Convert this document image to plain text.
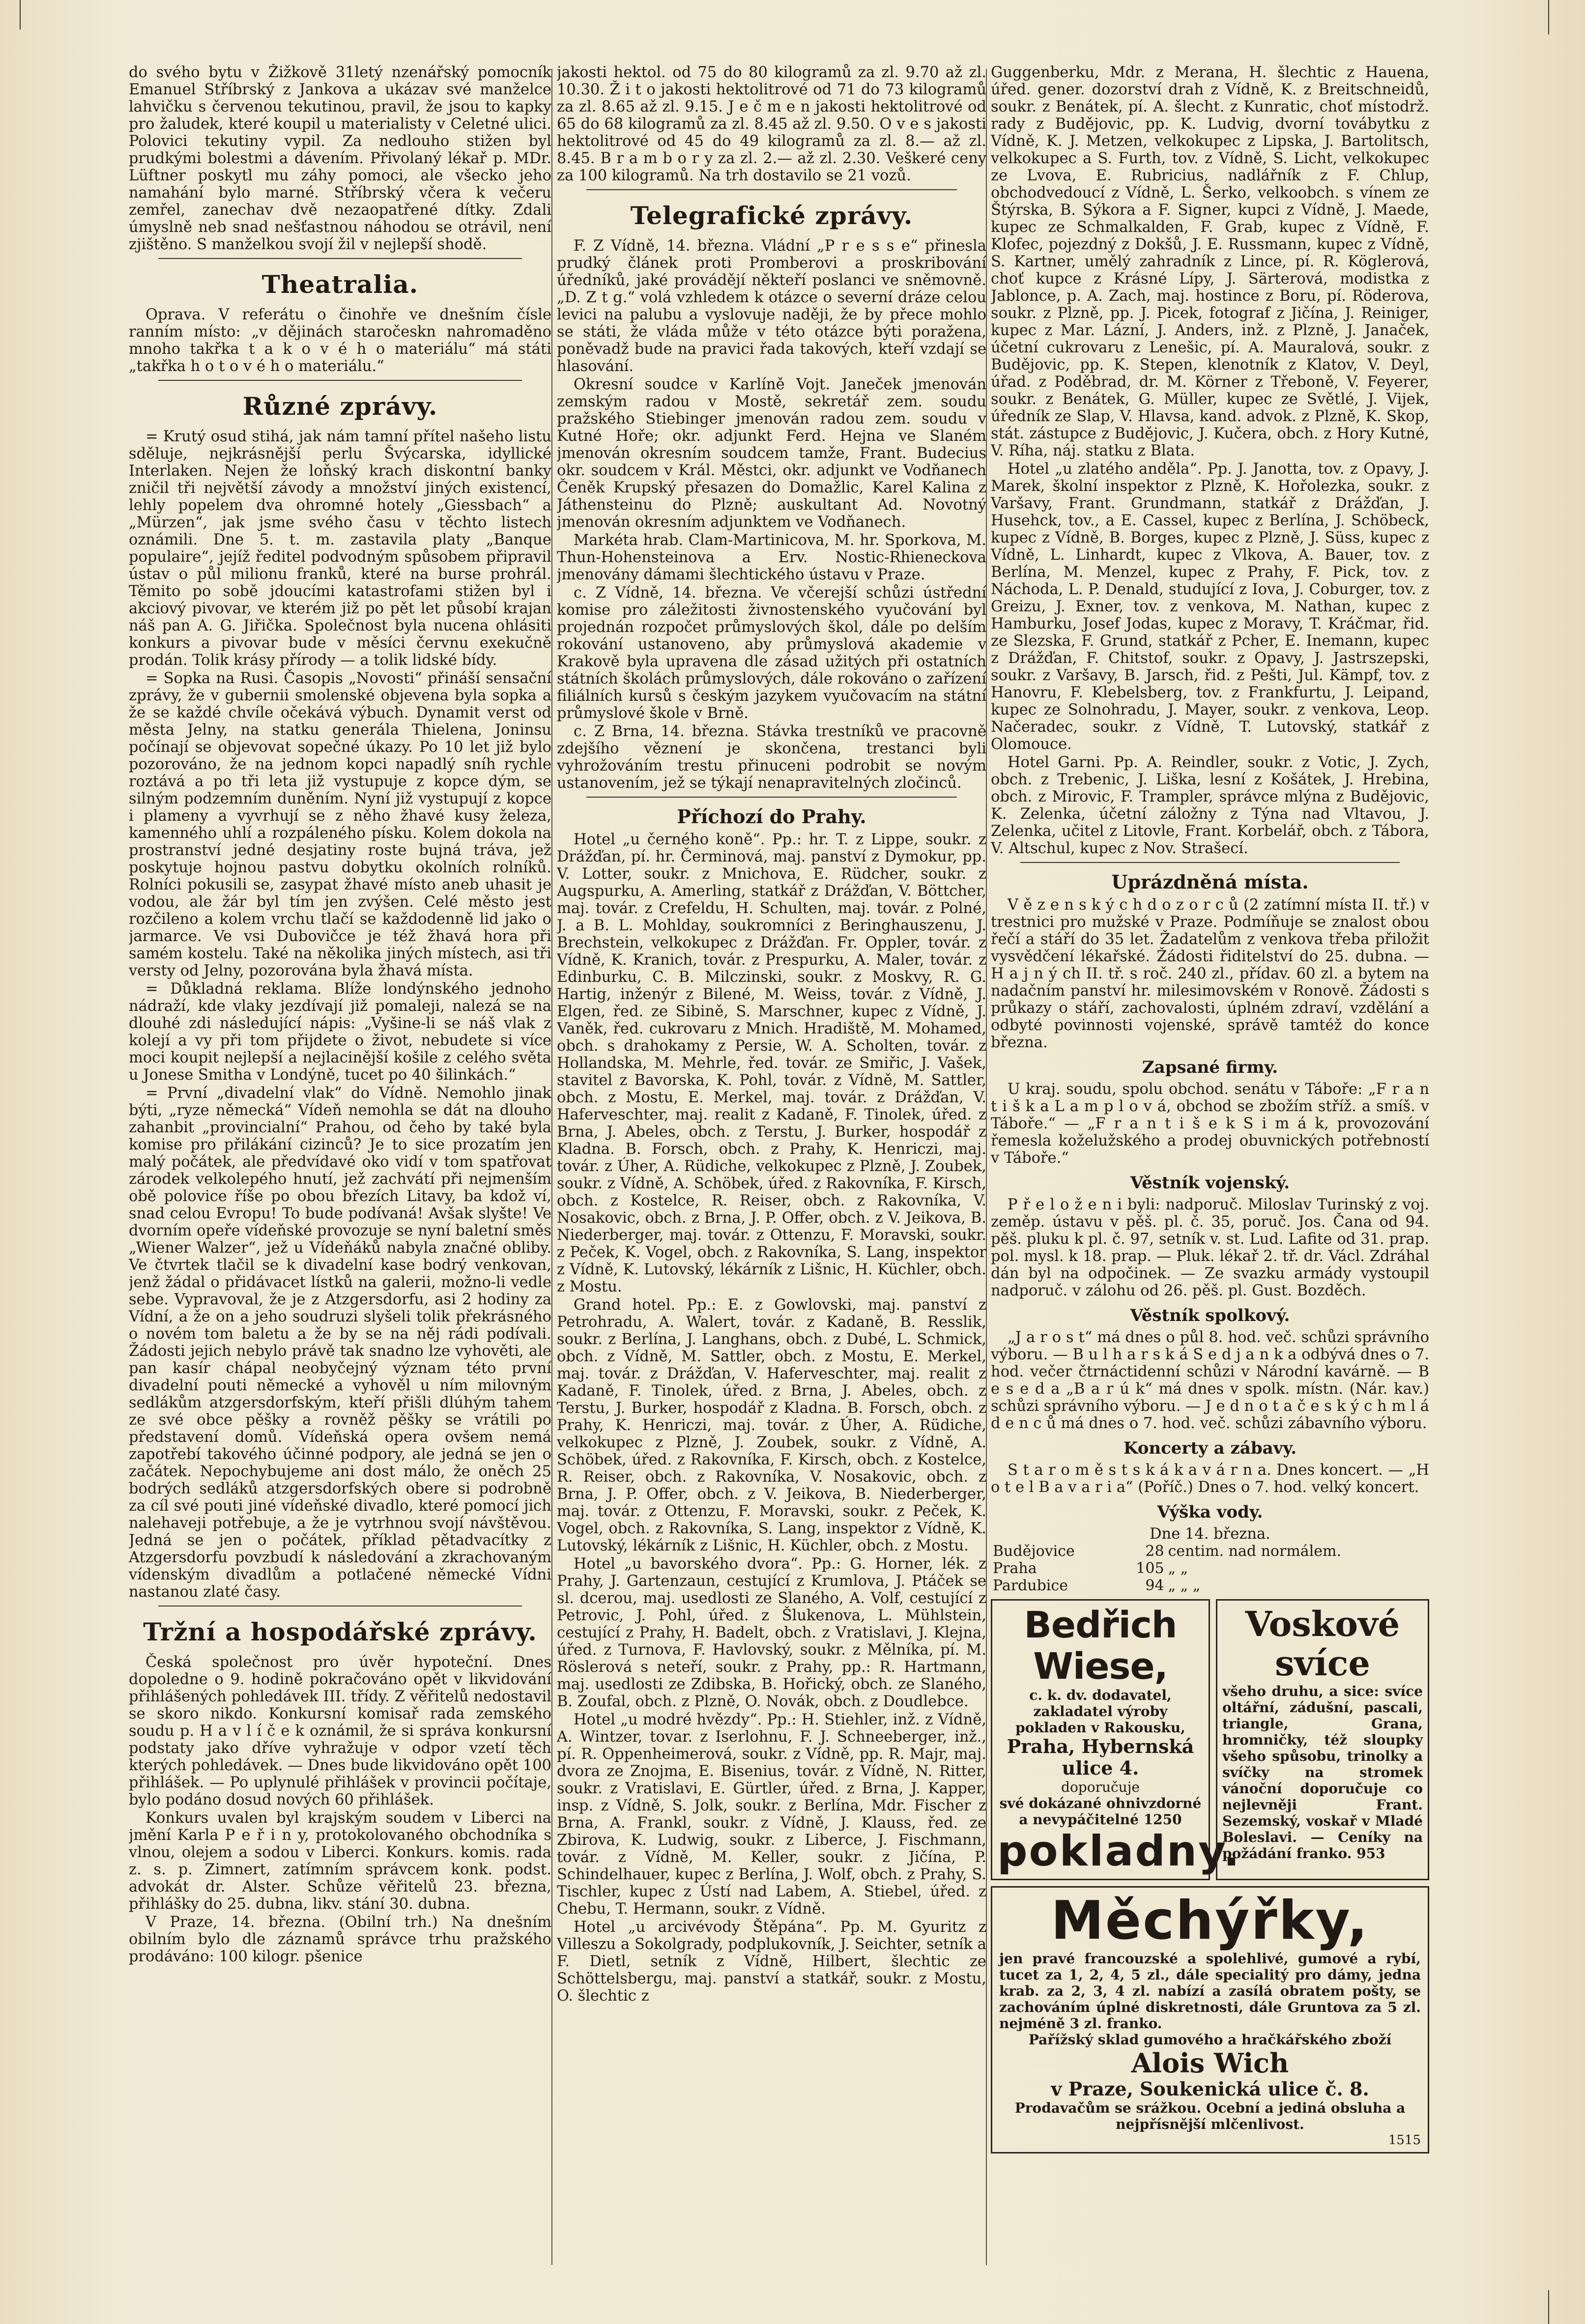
do svého bytu v Žižkově 31letý nzenářský pomocník Emanuel Stříbrský z Jankova a ukázav své manželce lahvičku s červenou tekutinou, pravil, že jsou to kapky pro žaludek, které koupil u materialisty v Celetné ulici. Polovici tekutiny vypil. Za nedlouho stižen byl prudkými bolestmi a dávením. Přivolaný lékař p. MDr. Lüftner poskytl mu záhy pomoci, ale všecko jeho namahání bylo marné. Stříbrský včera k večeru zemřel, zanechav dvě nezaopatřené dítky. Zdali úmyslně neb snad nešťastnou náhodou se otrávil, není zjištěno. S manželkou svojí žil v nejlepší shodě.

Theatralia.

Oprava. V referátu o činohře ve dnešním čísle ranním místo: „v dějinách staročeskn nahromaděno mnoho takřka t a k o v é h o materiálu“ má státi „takřka h o t o v é h o materiálu.“

Různé zprávy.

= Krutý osud stihá, jak nám tamní přítel našeho listu sděluje, nejkrásnější perlu Švýcarska, idyllické Interlaken. Nejen že loňský krach diskontní banky zničil tři největší závody a množství jiných existencí, lehly popelem dva ohromné hotely „Giessbach“ a „Mürzen“, jak jsme svého času v těchto listech oznámili. Dne 5. t. m. zastavila platy „Banque populaire“, jejíž ředitel podvodným spůsobem připravil ústav o půl milionu franků, které na burse prohrál. Těmito po sobě jdoucími katastrofami stižen byl i akciový pivovar, ve kterém již po pět let působí krajan náš pan A. G. Jiřička. Společnost byla nucena ohlásiti konkurs a pivovar bude v měsíci červnu exekučně prodán. Tolik krásy přírody — a tolik lidské bídy.

= Sopka na Rusi. Časopis „Novosti“ přináší sensační zprávy, že v gubernii smolenské objevena byla sopka a že se každé chvíle očekává výbuch. Dynamit verst od města Jelny, na statku generála Thielena, Joninsu počínají se objevovat sopečné úkazy. Po 10 let již bylo pozorováno, že na jednom kopci napadlý sníh rychle roztává a po tři leta již vystupuje z kopce dým, se silným podzemním duněním. Nyní již vystupují z kopce i plameny a vyvrhují se z něho žhavé kusy železa, kamenného uhlí a rozpáleného písku. Kolem dokola na prostranství jedné desjatiny roste bujná tráva, jež poskytuje hojnou pastvu dobytku okolních rolníků. Rolníci pokusili se, zasypat žhavé místo aneb uhasit je vodou, ale žár byl tím jen zvýšen. Celé město jest rozčileno a kolem vrchu tlačí se každodenně lid jako o jarmarce. Ve vsi Dubovičce je též žhavá hora při samém kostelu. Také na několika jiných místech, asi tři versty od Jelny, pozorována byla žhavá místa.

= Důkladná reklama. Blíže londýnského jednoho nádraží, kde vlaky jezdívají již pomaleji, nalezá se na dlouhé zdi následující nápis: „Vyšine-li se náš vlak z kolejí a vy při tom přijdete o život, nebudete si více moci koupit nejlepší a nejlacinější košile z celého světa u Jonese Smitha v Londýně, tucet po 40 šilinkách.“

= První „divadelní vlak“ do Vídně. Nemohlo jinak býti, „ryze německá“ Vídeň nemohla se dát na dlouho zahanbit „provincialní“ Prahou, od čeho by také byla komise pro přilákání cizinců? Je to sice prozatím jen malý počátek, ale předvídavé oko vidí v tom spatřovat zárodek velkolepého hnutí, jež zachvátí při nejmenším obě polovice říše po obou březích Litavy, ba kdož ví, snad celou Evropu! To bude podívaná! Avšak slyšte! Ve dvorním opeře vídeňské provozuje se nyní baletní směs „Wiener Walzer“, jež u Vídeňáků nabyla značné obliby. Ve čtvrtek tlačil se k divadelní kase bodrý venkovan, jenž žádal o přidávacet lístků na galerii, možno-li vedle sebe. Vypravoval, že je z Atzgersdorfu, asi 2 hodiny za Vídní, a že on a jeho soudruzi slyšeli tolik překrásného o novém tom baletu a že by se na něj rádi podívali. Žádosti jejich nebylo právě tak snadno lze vyhověti, ale pan kasír chápal neobyčejný význam této první divadelní pouti německé a vyhověl u ním milovným sedlákům atzgersdorfským, kteří přišli dlúhým tahem ze své obce pěšky a rovněž pěšky se vrátili po představení domů. Vídeňská opera ovšem nemá zapotřebí takového účinné podpory, ale jedná se jen o začátek. Nepochybujeme ani dost málo, že oněch 25 bodrých sedláků atzgersdorfských obere si podrobně za cíl své pouti jiné vídeňské divadlo, které pomocí jich nalehaveji potřebuje, a že je vytrhnou svojí návštěvou. Jedná se jen o počátek, příklad pětadvacítky z Atzgersdorfu povzbudí k následování a zkrachovaným vídenským divadlům a potlačené německé Vídni nastanou zlaté časy.

Tržní a hospodářské zprávy.

Česká společnost pro úvěr hypoteční. Dnes dopoledne o 9. hodině pokračováno opět v likvidování přihlášených pohledávek III. třídy. Z věřitelů nedostavil se skoro nikdo. Konkursní komisař rada zemského soudu p. H a v l í č e k oznámil, že si správa konkursní podstaty jako dříve vyhražuje v odpor vzetí těch kterých pohledávek. — Dnes bude likvidováno opět 100 přihlášek. — Po uplynulé přihlášek v provincii počítaje, bylo podáno dosud nových 60 přihlášek.

Konkurs uvalen byl krajským soudem v Liberci na jmění Karla P e ř i n y, protokolovaného obchodníka s vlnou, olejem a sodou v Liberci. Konkurs. komis. rada z. s. p. Zimnert, zatímním správcem konk. podst. advokát dr. Alster. Schůze věřitelů 23. března, přihlášky do 25. dubna, likv. stání 30. dubna.

V Praze, 14. března. (Obilní trh.) Na dnešním obilním bylo dle záznamů správce trhu pražského prodáváno: 100 kilogr. pšenice

jakosti hektol. od 75 do 80 kilogramů za zl. 9.70 až zl. 10.30. Ž i t o jakosti hektolitrové od 71 do 73 kilogramů za zl. 8.65 až zl. 9.15. J e č m e n jakosti hektolitrové od 65 do 68 kilogramů za zl. 8.45 až zl. 9.50. O v e s jakosti hektolitrové od 45 do 49 kilogramů za zl. 8.— až zl. 8.45. B r a m b o r y za zl. 2.— až zl. 2.30. Veškeré ceny za 100 kilogramů. Na trh dostavilo se 21 vozů.

Telegrafické zprávy.

F. Z Vídně, 14. března. Vládní „P r e s s e“ přinesla prudký článek proti Promberovi a proskribování úředníků, jaké provádějí někteří poslanci ve sněmovně. „D. Z t g.“ volá vzhledem k otázce o severní dráze celou levici na palubu a vyslovuje naději, že by přece mohlo se státi, že vláda může v této otázce býti poražena, poněvadž bude na pravici řada takových, kteří vzdají se hlasování.

Okresní soudce v Karlíně Vojt. Janeček jmenován zemským radou v Mostě, sekretář zem. soudu pražského Stiebinger jmenován radou zem. soudu v Kutné Hoře; okr. adjunkt Ferd. Hejna ve Slaném jmenován okresním soudcem tamže, Frant. Budecius okr. soudcem v Král. Městci, okr. adjunkt ve Vodňanech Čeněk Krupský přesazen do Domažlic, Karel Kalina z Játhensteinu do Plzně; auskultant Ad. Novotný jmenován okresním adjunktem ve Vodňanech.

Markéta hrab. Clam-Martinicova, M. hr. Sporkova, M. Thun-Hohensteinova a Erv. Nostic-Rhieneckova jmenovány dámami šlechtického ústavu v Praze.

c. Z Vídně, 14. března. Ve včerejší schůzi ústřední komise pro záležitosti živnostenského vyučování byl projednán rozpočet průmyslových škol, dále po delším rokování ustanoveno, aby průmyslová akademie v Krakově byla upravena dle zásad užitých při ostatních státních školách průmyslových, dále rokováno o zařízení filiálních kursů s českým jazykem vyučovacím na státní průmyslové škole v Brně.

c. Z Brna, 14. března. Stávka trestníků ve pracovně zdejšího věznení je skončena, trestanci byli vyhrožováním trestu přinuceni podrobit se novým ustanovením, jež se týkají nenapravitelných zločinců.

Příchozí do Prahy.

Hotel „u černého koně“. Pp.: hr. T. z Lippe, soukr. z Drážďan, pí. hr. Čerminová, maj. panství z Dymokur, pp. V. Lotter, soukr. z Mnichova, E. Rüdcher, soukr. z Augspurku, A. Amerling, statkář z Drážďan, V. Böttcher, maj. továr. z Crefeldu, H. Schulten, maj. továr. z Polné, J. a B. L. Mohlday, soukromníci z Beringhauszenu, J. Brechstein, velkokupec z Drážďan. Fr. Oppler, továr. z Vídně, K. Kranich, továr. z Prespurku, A. Maler, továr. z Edinburku, C. B. Milczinski, soukr. z Moskvy, R. G. Hartig, inženýr z Bilené, M. Weiss, továr. z Vídně, J. Elgen, řed. ze Sibině, S. Marschner, kupec z Vídně, J. Vaněk, řed. cukrovaru z Mnich. Hradiště, M. Mohamed, obch. s drahokamy z Persie, W. A. Scholten, továr. z Hollandska, M. Mehrle, řed. továr. ze Smiřic, J. Vašek, stavitel z Bavorska, K. Pohl, továr. z Vídně, M. Sattler, obch. z Mostu, E. Merkel, maj. továr. z Drážďan, V. Haferveschter, maj. realit z Kadaně, F. Tinolek, úřed. z Brna, J. Abeles, obch. z Terstu, J. Burker, hospodář z Kladna. B. Forsch, obch. z Prahy, K. Henriczi, maj. továr. z Úher, A. Rüdiche, velkokupec z Plzně, J. Zoubek, soukr. z Vídně, A. Schöbek, úřed. z Rakovníka, F. Kirsch, obch. z Kostelce, R. Reiser, obch. z Rakovníka, V. Nosakovic, obch. z Brna, J. P. Offer, obch. z V. Jeikova, B. Niederberger, maj. továr. z Ottenzu, F. Moravski, soukr. z Peček, K. Vogel, obch. z Rakovníka, S. Lang, inspektor z Vídně, K. Lutovský, lékárník z Lišnic, H. Küchler, obch. z Mostu.

Grand hotel. Pp.: E. z Gowlovski, maj. panství z Petrohradu, A. Walert, továr. z Kadaně, B. Resslik, soukr. z Berlína, J. Langhans, obch. z Dubé, L. Schmick, obch. z Vídně, M. Sattler, obch. z Mostu, E. Merkel, maj. továr. z Drážďan, V. Haferveschter, maj. realit z Kadaně, F. Tinolek, úřed. z Brna, J. Abeles, obch. z Terstu, J. Burker, hospodář z Kladna. B. Forsch, obch. z Prahy, K. Henriczi, maj. továr. z Úher, A. Rüdiche, velkokupec z Plzně, J. Zoubek, soukr. z Vídně, A. Schöbek, úřed. z Rakovníka, F. Kirsch, obch. z Kostelce, R. Reiser, obch. z Rakovníka, V. Nosakovic, obch. z Brna, J. P. Offer, obch. z V. Jeikova, B. Niederberger, maj. továr. z Ottenzu, F. Moravski, soukr. z Peček, K. Vogel, obch. z Rakovníka, S. Lang, inspektor z Vídně, K. Lutovský, lékárník z Lišnic, H. Küchler, obch. z Mostu.

Hotel „u bavorského dvora“. Pp.: G. Horner, lék. z Prahy, J. Gartenzaun, cestující z Krumlova, J. Ptáček se sl. dcerou, maj. usedlosti ze Slaného, A. Volf, cestující z Petrovic, J. Pohl, úřed. z Šlukenova, L. Mühlstein, cestující z Prahy, H. Badelt, obch. z Vratislavi, J. Klejna, úřed. z Turnova, F. Havlovský, soukr. z Mělníka, pí. M. Röslerová s neteří, soukr. z Prahy, pp.: R. Hartmann, maj. usedlosti ze Zdibska, B. Hořický, obch. ze Slaného, B. Zoufal, obch. z Plzně, O. Novák, obch. z Doudlebce.

Hotel „u modré hvězdy“. Pp.: H. Stiehler, inž. z Vídně, A. Wintzer, tovar. z Iserlohnu, F. J. Schneeberger, inž., pí. R. Oppenheimerová, soukr. z Vídně, pp. R. Majr, maj. dvora ze Znojma, E. Bisenius, továr. z Vídně, N. Ritter, soukr. z Vratislavi, E. Gürtler, úřed. z Brna, J. Kapper, insp. z Vídně, S. Jolk, soukr. z Berlína, Mdr. Fischer z Brna, A. Frankl, soukr. z Vídně, J. Klauss, řed. ze Zbirova, K. Ludwig, soukr. z Liberce, J. Fischmann, továr. z Vídně, M. Keller, soukr. z Jičína, P. Schindelhauer, kupec z Berlína, J. Wolf, obch. z Prahy, S. Tischler, kupec z Ústí nad Labem, A. Stiebel, úřed. z Chebu, T. Hermann, soukr. z Vídně.

Hotel „u arcivévody Štěpána“. Pp. M. Gyuritz z Villeszu a Sokolgrady, podplukovník, J. Seichter, setník a F. Dietl, setník z Vídně, Hilbert, šlechtic ze Schöttelsbergu, maj. panství a statkář, soukr. z Mostu, O. šlechtic z

Guggenberku, Mdr. z Merana, H. šlechtic z Hauena, úřed. gener. dozorství drah z Vídně, K. z Breitschneidů, soukr. z Benátek, pí. A. šlecht. z Kunratic, choť místodrž. rady z Budějovic, pp. K. Ludvig, dvorní továbytku z Vídně, K. J. Metzen, velkokupec z Lipska, J. Bartolitsch, velkokupec a S. Furth, tov. z Vídně, S. Licht, velkokupec ze Lvova, E. Rubricius, nadlářník z F. Chlup, obchodvedoucí z Vídně, L. Šerko, velkoobch. s vínem ze Štýrska, B. Sýkora a F. Signer, kupci z Vídně, J. Maede, kupec ze Schmalkalden, F. Grab, kupec z Vídně, F. Klofec, pojezdný z Dokšů, J. E. Russmann, kupec z Vídně, S. Kartner, umělý zahradník z Lince, pí. R. Köglerová, choť kupce z Krásné Lípy, J. Särterová, modistka z Jablonce, p. A. Zach, maj. hostince z Boru, pí. Röderova, soukr. z Plzně, pp. J. Picek, fotograf z Jičína, J. Reiniger, kupec z Mar. Lázní, J. Anders, inž. z Plzně, J. Janaček, účetní cukrovaru z Lenešic, pí. A. Mauralová, soukr. z Budějovic, pp. K. Stepen, klenotník z Klatov, V. Deyl, úřad. z Poděbrad, dr. M. Körner z Třeboně, V. Feyerer, soukr. z Benátek, G. Müller, kupec ze Světlé, J. Vijek, úředník ze Slap, V. Hlavsa, kand. advok. z Plzně, K. Skop, stát. zástupce z Budějovic, J. Kučera, obch. z Hory Kutné, V. Ríha, náj. statku z Blata.

Hotel „u zlatého anděla“. Pp. J. Janotta, tov. z Opavy, J. Marek, školní inspektor z Plzně, K. Hořolezka, soukr. z Varšavy, Frant. Grundmann, statkář z Drážďan, J. Husehck, tov., a E. Cassel, kupec z Berlína, J. Schöbeck, kupec z Vídně, B. Borges, kupec z Plzně, J. Süss, kupec z Vídně, L. Linhardt, kupec z Vlkova, A. Bauer, tov. z Berlína, M. Menzel, kupec z Prahy, F. Pick, tov. z Náchoda, L. P. Denald, studující z Iova, J. Coburger, tov. z Greizu, J. Exner, tov. z venkova, M. Nathan, kupec z Hamburku, Josef Jodas, kupec z Moravy, T. Kráčmar, řid. ze Slezska, F. Grund, statkář z Pcher, E. Inemann, kupec z Drážďan, F. Chitstof, soukr. z Opavy, J. Jastrszepski, soukr. z Varšavy, B. Jarsch, řid. z Pešti, Jul. Kämpf, tov. z Hanovru, F. Klebelsberg, tov. z Frankfurtu, J. Leipand, kupec ze Solnohradu, J. Mayer, soukr. z venkova, Leop. Načeradec, soukr. z Vídně, T. Lutovský, statkář z Olomouce.

Hotel Garni. Pp. A. Reindler, soukr. z Votic, J. Zych, obch. z Trebenic, J. Liška, lesní z Košátek, J. Hrebina, obch. z Mirovic, F. Trampler, správce mlýna z Budějovic, K. Zelenka, účetní záložny z Týna nad Vltavou, J. Zelenka, učitel z Litovle, Frant. Korbelář, obch. z Tábora, V. Altschul, kupec z Nov. Strašecí.

Uprázdněná místa.

V ě z e n s k ý c h d o z o r c ů (2 zatímní místa II. tř.) v trestnici pro mužské v Praze. Podmíňuje se znalost obou řečí a stáří do 35 let. Žadatelům z venkova třeba přiložit vysvědčení lékařské. Žádosti řiditelství do 25. dubna. — H a j n ý ch II. tř. s roč. 240 zl., přídav. 60 zl. a bytem na nadačním panství hr. milesimovském v Ronově. Žádosti s průkazy o stáří, zachovalosti, úplném zdraví, vzdělání a odbyté povinnosti vojenské, správě tamtéž do konce března.

Zapsané firmy.

U kraj. soudu, spolu obchod. senátu v Táboře: „F r a n t i š k a L a m p l o v á, obchod se zbožím stříž. a smíš. v Táboře.“ — „F r a n t i š e k S i m á k, provozování řemesla koželužského a prodej obuvnických potřebností v Táboře.“

Věstník vojenský.

P ř e l o ž e n i byli: nadporuč. Miloslav Turinský z voj. zeměp. ústavu v pěš. pl. č. 35, poruč. Jos. Čana od 94. pěš. pluku k pl. č. 97, setník v. st. Lud. Lafite od 31. prap. pol. mysl. k 18. prap. — Pluk. lékař 2. tř. dr. Václ. Zdráhal dán byl na odpočinek. — Ze svazku armády vystoupil nadporuč. v zálohu od 26. pěš. pl. Gust. Bozděch.

Věstník spolkový.

„J a r o s t“ má dnes o půl 8. hod. več. schůzi správního výboru. — B u l h a r s k á S e d j a n k a odbývá dnes o 7. hod. večer čtrnáctidenní schůzi v Národní kavárně. — B e s e d a „B a r ú k“ má dnes v spolk. místn. (Nár. kav.) schůzi správního výboru. — J e d n o t a č e s k ý c h m l á d e n c ů má dnes o 7. hod. več. schůzi zábavního výboru.

Koncerty a zábavy.

S t a r o m ě s t s k á k a v á r n a. Dnes koncert. — „H o t e l B a v a r i a“ (Poříč.) Dnes o 7. hod. velký koncert.

Výška vody.
Dne 14. března.
Budějovice	28	centim. nad normálem.
Praha	105	„ „
Pardubice	94	„ „ „
Bedřich Wiese,
c. k. dv. dodavatel,
zakladatel výroby pokladen v Rakousku,
Praha, Hybernská ulice 4.
doporučuje
své dokázané ohnivzdorné a nevypáčitelné 1250
pokladny.
Voskové svíce
všeho druhu, a sice: svíce oltářní, zádušní, pascali, triangle, Grana, hromničky, též sloupky všeho spůsobu, trinolky a svíčky na stromek vánoční doporučuje co nejlevněji Frant. Sezemský, voskař v Mladé Boleslavi. — Ceníky na požádání franko. 953
Měchýřky,
jen pravé francouzské a spolehlivé, gumové a rybí, tucet za 1, 2, 4, 5 zl., dále specialitý pro dámy, jedna krab. za 2, 3, 4 zl. nabízí a zasílá obratem pošty, se zachováním úplné diskretnosti, dále Gruntova za 5 zl. nejméně 3 zl. franko.
Pařížský sklad gumového a hračkářského zboží
Alois Wich
v Praze, Soukenická ulice č. 8.
Prodavačům se srážkou. Ocební a jediná obsluha a nejpřísnější mlčenlivost.
1515
